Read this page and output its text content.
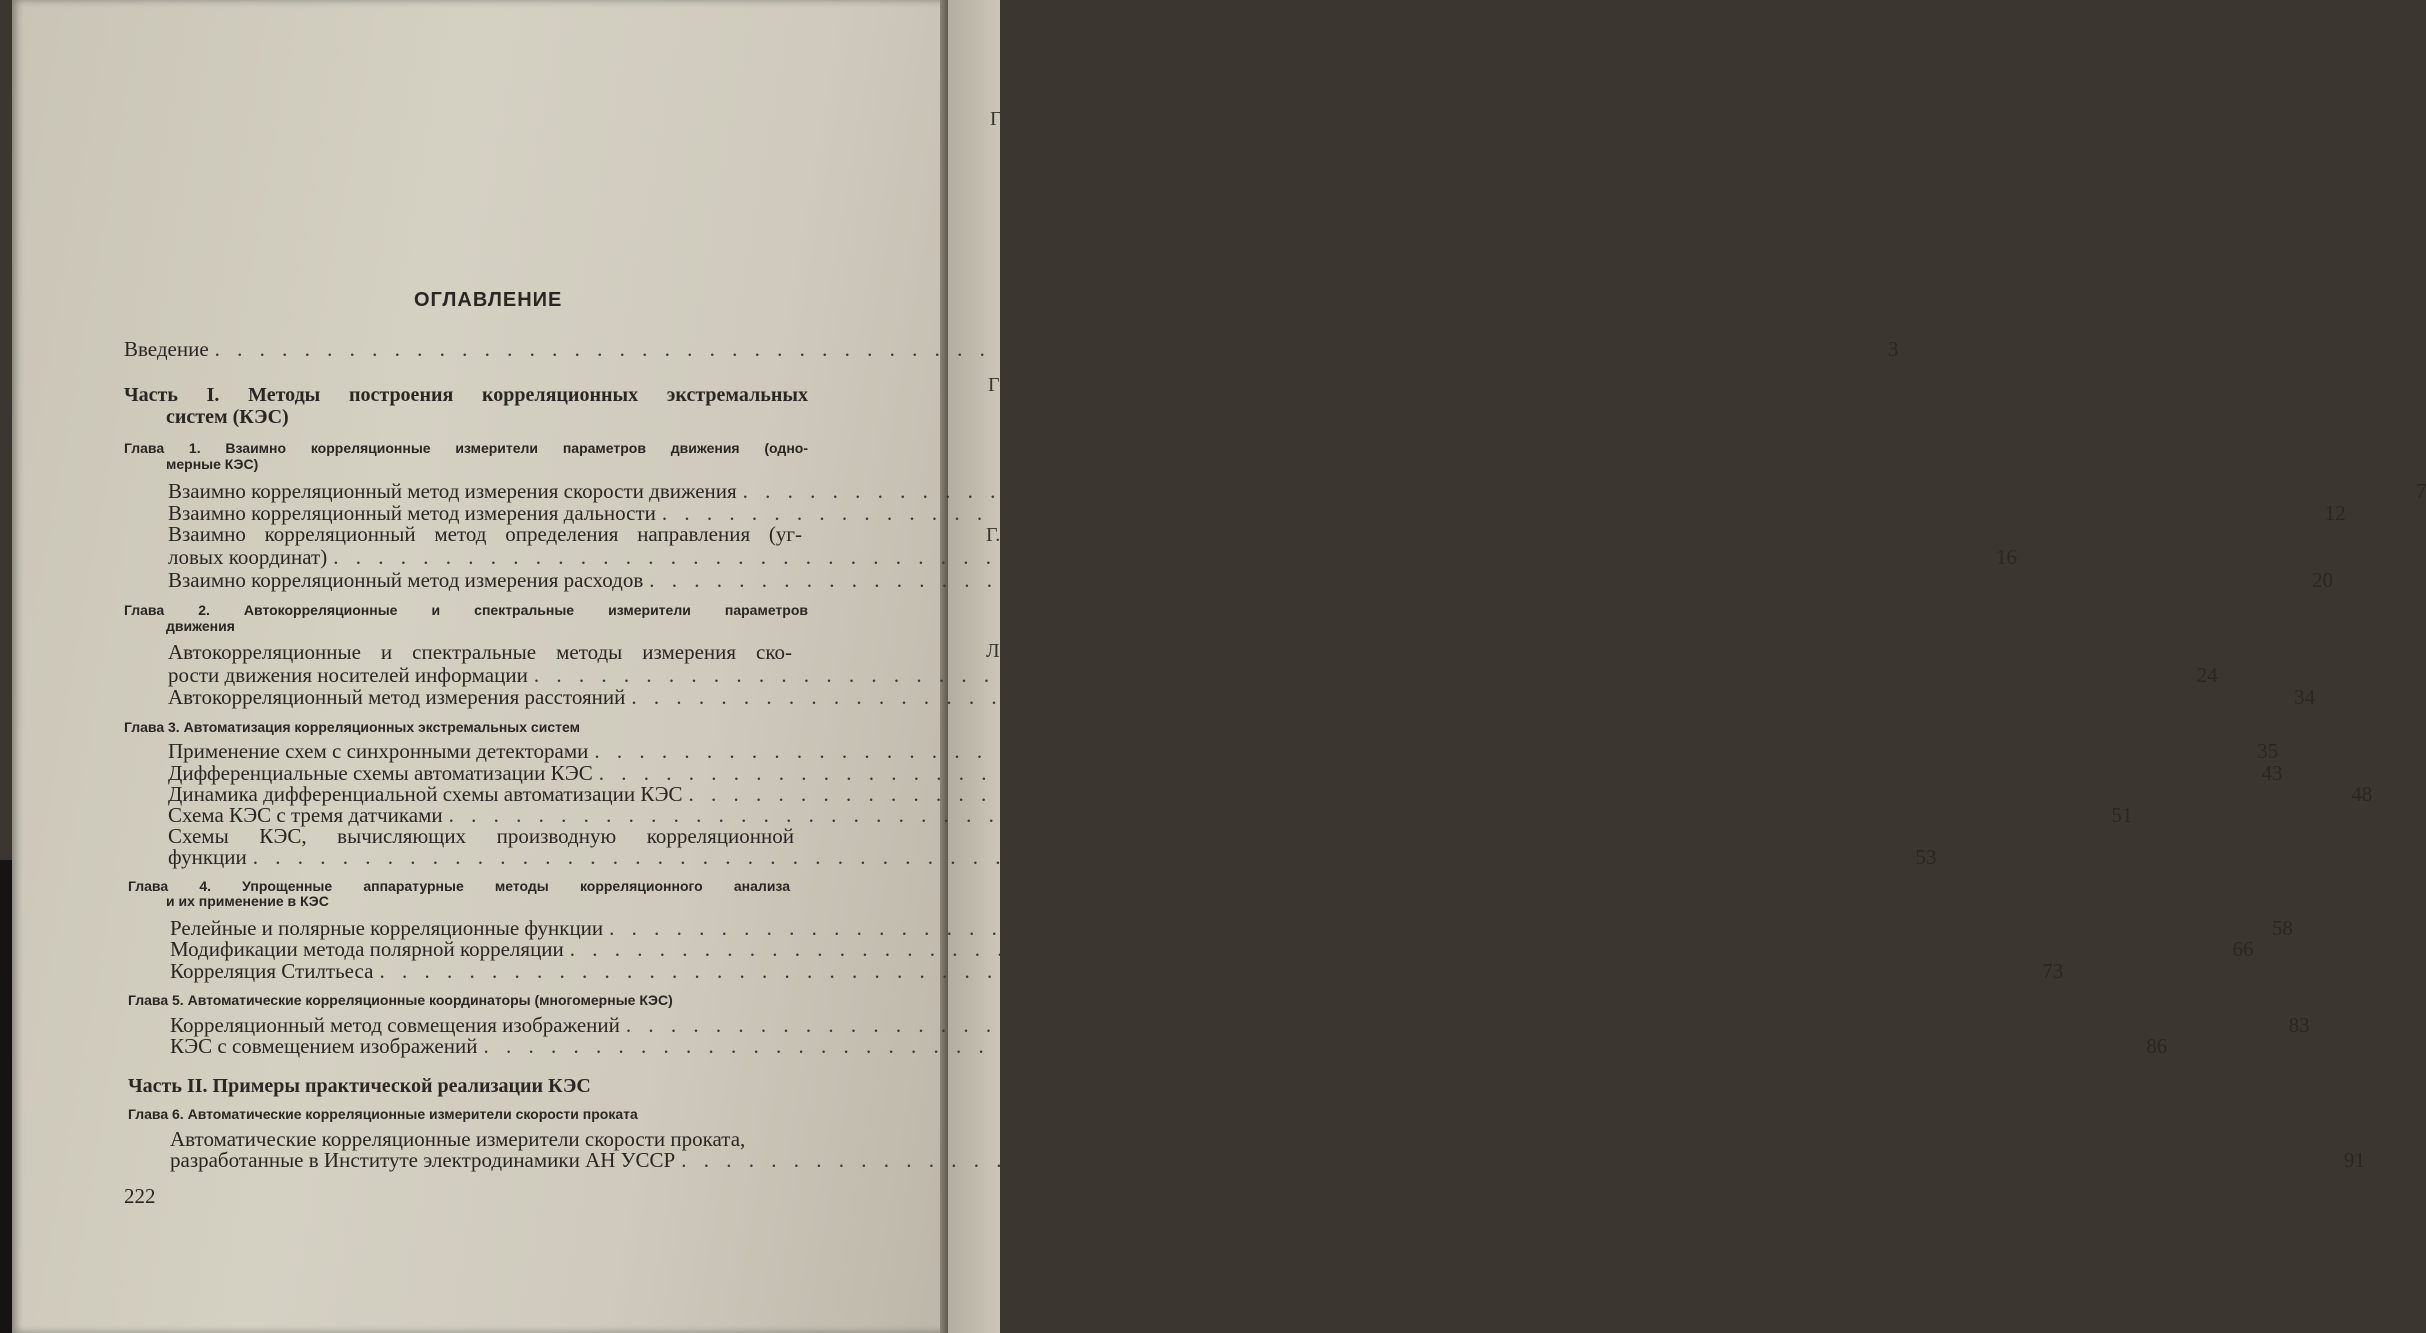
Г
Г
Г.
Л
ОГЛАВЛЕНИЕ
Введение . . .	3
Часть I. Методы построения корреляционных экстремальных
систем (КЭС)
Глава 1. Взаимно корреляционные измерители параметров движения (одно-
мерные КЭС)
Взаимно корреляционный метод измерения скорости движения . . .	7
Взаимно корреляционный метод измерения дальности . . .	12
Взаимно корреляционный метод определения направления (уг-
ловых координат) . . .	16
Взаимно корреляционный метод измерения расходов . . .	20
Глава 2. Автокорреляционные и спектральные измерители параметров
движения
Автокорреляционные и спектральные методы измерения ско-
рости движения носителей информации . . .	24
Автокорреляционный метод измерения расстояний . . .	34
Глава 3. Автоматизация корреляционных экстремальных систем
Применение схем с синхронными детекторами . . .	35
Дифференциальные схемы автоматизации КЭС . . .	43
Динамика дифференциальной схемы автоматизации КЭС . . .	48
Схема КЭС с тремя датчиками . . .	51
Схемы КЭС, вычисляющих производную корреляционной
функции . . .	53
Глава 4. Упрощенные аппаратурные методы корреляционного анализа
и их применение в КЭС
Релейные и полярные корреляционные функции . . .	58
Модификации метода полярной корреляции . . .	66
Корреляция Стилтьеса . . .	73
Глава 5. Автоматические корреляционные координаторы (многомерные КЭС)
Корреляционный метод совмещения изображений . . .	83
КЭС с совмещением изображений . . .	86
Часть II. Примеры практической реализации КЭС
Глава 6. Автоматические корреляционные измерители скорости проката
Автоматические корреляционные измерители скорости проката,
разработанные в Институте электродинамики АН УССР . . .	91
222
